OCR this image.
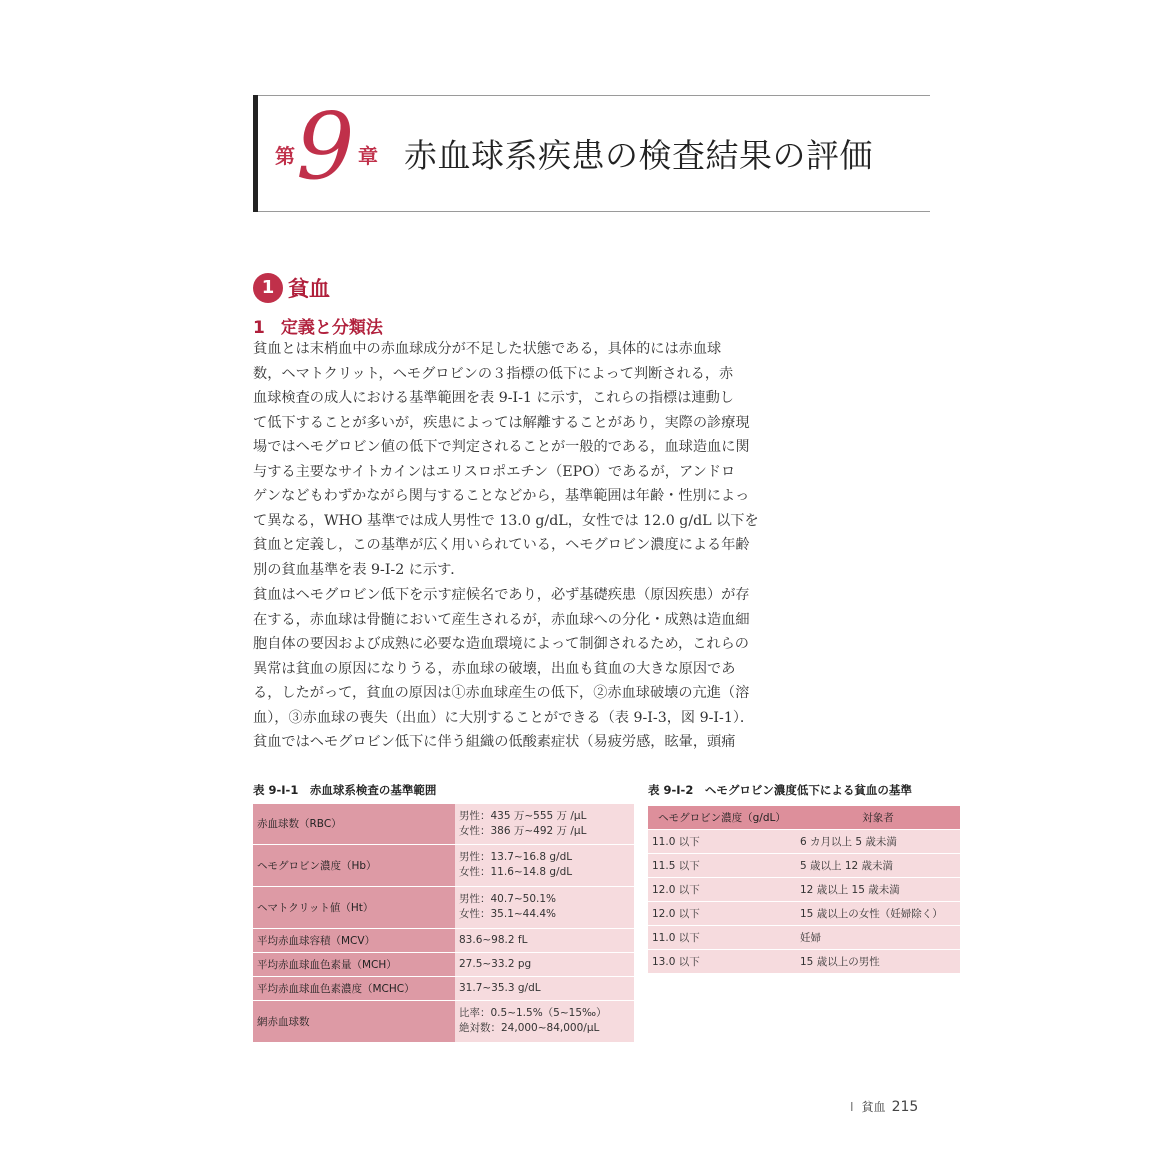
第 9 章 赤血球系疾患の検査結果の評価
1 貧血
1 定義と分類法
貧血とは末梢血中の赤血球成分が不足した状態である，具体的には赤血球
数，ヘマトクリット，ヘモグロビンの３指標の低下によって判断される，赤
血球検査の成人における基準範囲を表 9-I-1 に示す，これらの指標は連動し
て低下することが多いが，疾患によっては解離することがあり，実際の診療現
場ではヘモグロビン値の低下で判定されることが一般的である，血球造血に関
与する主要なサイトカインはエリスロポエチン（EPO）であるが，アンドロ
ゲンなどもわずかながら関与することなどから，基準範囲は年齢・性別によっ
て異なる，WHO 基準では成人男性で 13.0 g/dL，女性では 12.0 g/dL 以下を
貧血と定義し，この基準が広く用いられている，ヘモグロビン濃度による年齢
別の貧血基準を表 9-I-2 に示す．
貧血はヘモグロビン低下を示す症候名であり，必ず基礎疾患（原因疾患）が存
在する，赤血球は骨髄において産生されるが，赤血球への分化・成熟は造血細
胞自体の要因および成熟に必要な造血環境によって制御されるため，これらの
異常は貧血の原因になりうる，赤血球の破壊，出血も貧血の大きな原因であ
る，したがって，貧血の原因は①赤血球産生の低下，②赤血球破壊の亢進（溶
血），③赤血球の喪失（出血）に大別することができる（表 9-I-3，図 9-I-1）．
貧血ではヘモグロビン低下に伴う組織の低酸素症状（易疲労感，眩暈，頭痛
表 9-I-1　赤血球系検査の基準範囲
赤血球数（RBC）	男性：435 万~555 万 /μL
女性：386 万~492 万 /μL

ヘモグロビン濃度（Hb）	男性：13.7~16.8 g/dL
女性：11.6~14.8 g/dL

ヘマトクリット値（Ht）	男性：40.7~50.1%
女性：35.1~44.4%

平均赤血球容積（MCV）	83.6~98.2 fL

平均赤血球血色素量（MCH）	27.5~33.2 pg

平均赤血球血色素濃度（MCHC）	31.7~35.3 g/dL

網赤血球数	比率：0.5~1.5%（5~15‰）
絶対数：24,000~84,000/μL
表 9-I-2　ヘモグロビン濃度低下による貧血の基準
ヘモグロビン濃度（g/dL）	対象者
11.0 以下	6 カ月以上 5 歳未満
11.5 以下	5 歳以上 12 歳未満
12.0 以下	12 歳以上 15 歳未満
12.0 以下	15 歳以上の女性（妊婦除く）
11.0 以下	妊婦
13.0 以下	15 歳以上の男性
I 貧血 215
